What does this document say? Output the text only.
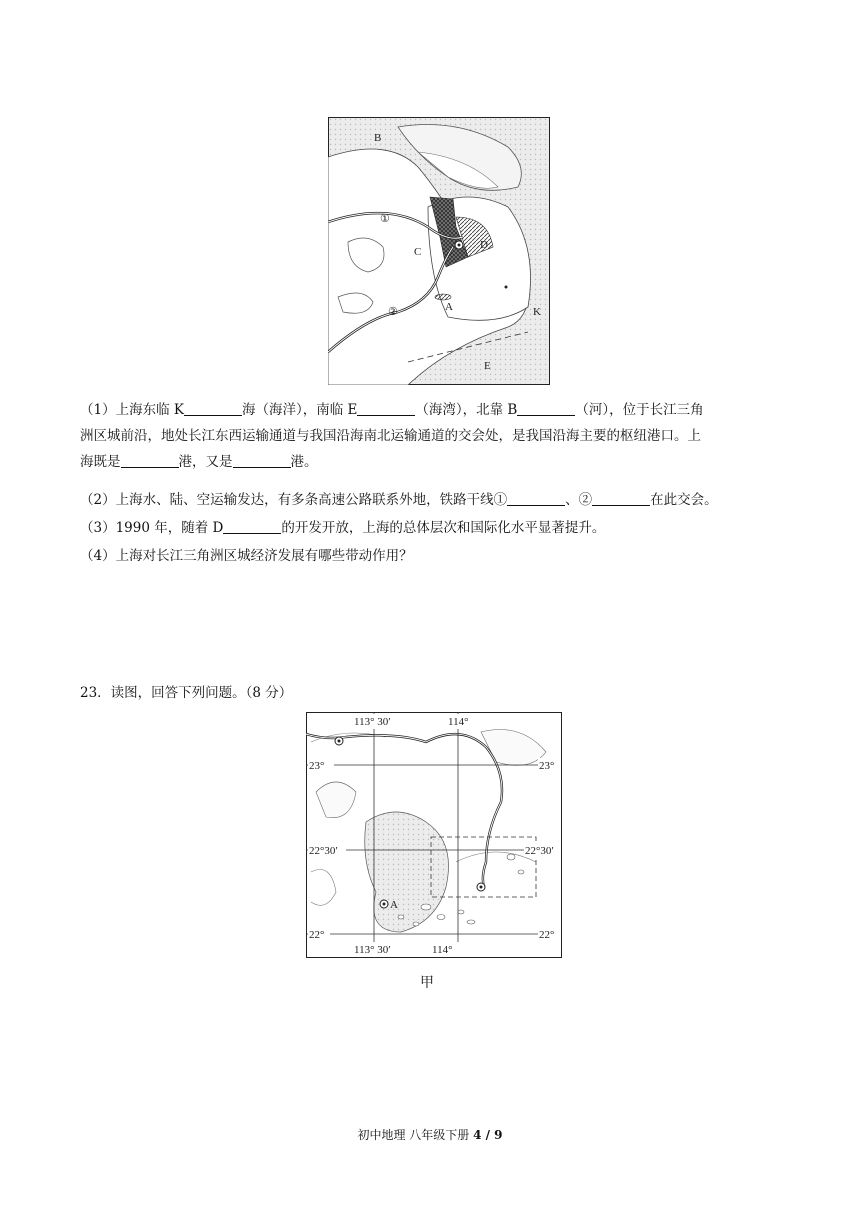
B
①
C
D
A
②	K
E

（1）上海东临 K	海（海洋），南临 E	（海湾），北靠 B	（河），位于长江三角
洲区城前沿，地处长江东西运输通道与我国沿海南北运输通道的交会处，是我国沿海主要的枢纽港口。上
海既是	港，又是	港。

（2）上海水、陆、空运输发达，有多条高速公路联系外地，铁路干线①	、②	在此交会。

（3）1990 年，随着 D	的开发开放，上海的总体层次和国际化水平显著提升。

（4）上海对长江三角洲区城经济发展有哪些带动作用？

23．读图，回答下列问题。（8 分）

113° 30′	114°
23°	23°
22°30′	22°30′
22°	22°
113° 30′	114°
A
甲
初中地理 八年级下册 4 / 9
